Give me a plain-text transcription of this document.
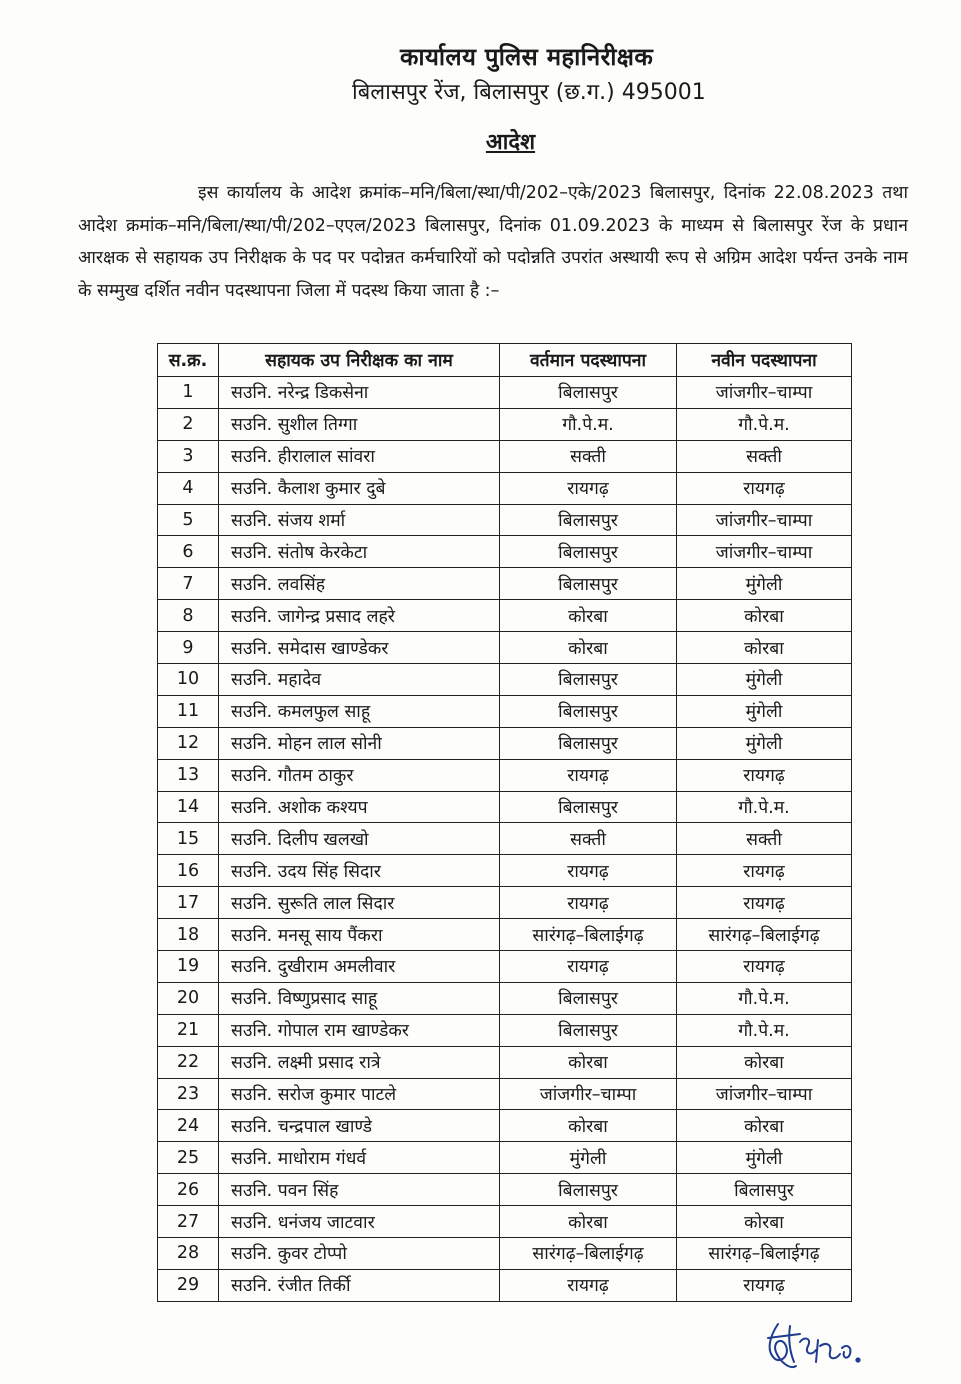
कार्यालय पुलिस महानिरीक्षक
बिलासपुर रेंज, बिलासपुर (छ.ग.) 495001
आदेश
इस कार्यालय के आदेश क्रमांक–मनि/बिला/स्था/पी/202–एके/2023 बिलासपुर, दिनांक 22.08.2023 तथा आदेश क्रमांक–मनि/बिला/स्था/पी/202–एएल/2023 बिलासपुर, दिनांक 01.09.2023 के माध्यम से बिलासपुर रेंज के प्रधान आरक्षक से सहायक उप निरीक्षक के पद पर पदोन्नत कर्मचारियों को पदोन्नति उपरांत अस्थायी रूप से अग्रिम आदेश पर्यन्त उनके नाम के सम्मुख दर्शित नवीन पदस्थापना जिला में पदस्थ किया जाता है :–
स.क्र.	सहायक उप निरीक्षक का नाम	वर्तमान पदस्थापना	नवीन पदस्थापना
1	सउनि. नरेन्द्र डिकसेना	बिलासपुर	जांजगीर–चाम्पा
2	सउनि. सुशील तिग्गा	गौ.पे.म.	गौ.पे.म.
3	सउनि. हीरालाल सांवरा	सक्ती	सक्ती
4	सउनि. कैलाश कुमार दुबे	रायगढ़	रायगढ़
5	सउनि. संजय शर्मा	बिलासपुर	जांजगीर–चाम्पा
6	सउनि. संतोष केरकेटा	बिलासपुर	जांजगीर–चाम्पा
7	सउनि. लवसिंह	बिलासपुर	मुंगेली
8	सउनि. जागेन्द्र प्रसाद लहरे	कोरबा	कोरबा
9	सउनि. समेदास खाण्डेकर	कोरबा	कोरबा
10	सउनि. महादेव	बिलासपुर	मुंगेली
11	सउनि. कमलफुल साहू	बिलासपुर	मुंगेली
12	सउनि. मोहन लाल सोनी	बिलासपुर	मुंगेली
13	सउनि. गौतम ठाकुर	रायगढ़	रायगढ़
14	सउनि. अशोक कश्यप	बिलासपुर	गौ.पे.म.
15	सउनि. दिलीप खलखो	सक्ती	सक्ती
16	सउनि. उदय सिंह सिदार	रायगढ़	रायगढ़
17	सउनि. सुरूति लाल सिदार	रायगढ़	रायगढ़
18	सउनि. मनसू साय पैंकरा	सारंगढ़–बिलाईगढ़	सारंगढ़–बिलाईगढ़
19	सउनि. दुखीराम अमलीवार	रायगढ़	रायगढ़
20	सउनि. विष्णुप्रसाद साहू	बिलासपुर	गौ.पे.म.
21	सउनि. गोपाल राम खाण्डेकर	बिलासपुर	गौ.पे.म.
22	सउनि. लक्ष्मी प्रसाद रात्रे	कोरबा	कोरबा
23	सउनि. सरोज कुमार पाटले	जांजगीर–चाम्पा	जांजगीर–चाम्पा
24	सउनि. चन्द्रपाल खाण्डे	कोरबा	कोरबा
25	सउनि. माधोराम गंधर्व	मुंगेली	मुंगेली
26	सउनि. पवन सिंह	बिलासपुर	बिलासपुर
27	सउनि. धनंजय जाटवार	कोरबा	कोरबा
28	सउनि. कुवर टोप्पो	सारंगढ़–बिलाईगढ़	सारंगढ़–बिलाईगढ़
29	सउनि. रंजीत तिर्की	रायगढ़	रायगढ़
